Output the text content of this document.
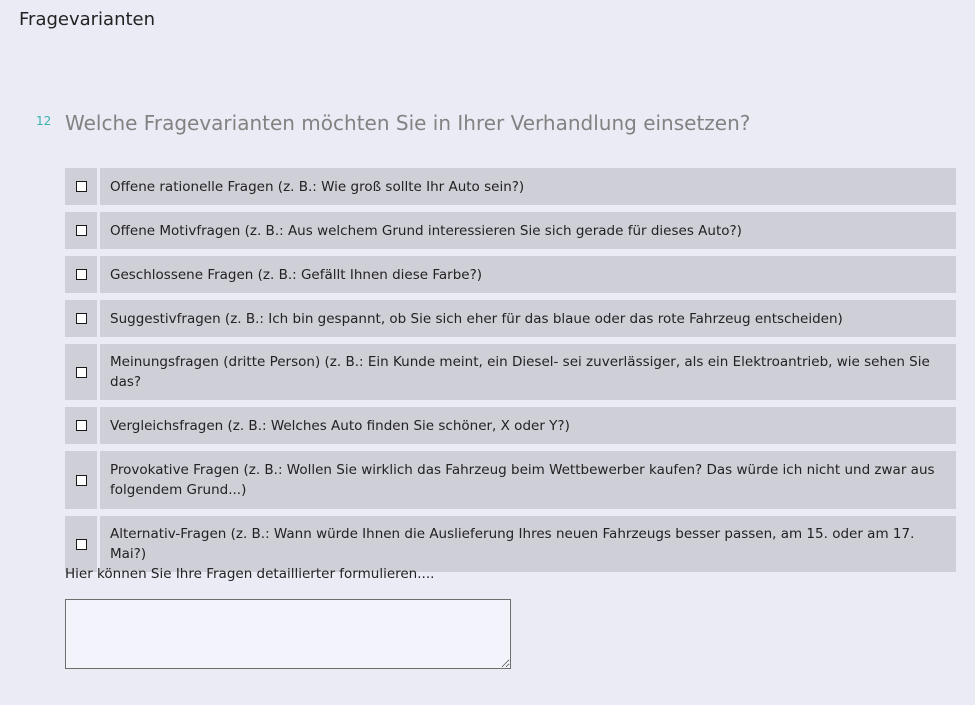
Fragevarianten
12 Welche Fragevarianten möchten Sie in Ihrer Verhandlung einsetzen?
Offene rationelle Fragen (z. B.: Wie groß sollte Ihr Auto sein?)
Offene Motivfragen (z. B.: Aus welchem Grund interessieren Sie sich gerade für dieses Auto?)
Geschlossene Fragen (z. B.: Gefällt Ihnen diese Farbe?)
Suggestivfragen (z. B.: Ich bin gespannt, ob Sie sich eher für das blaue oder das rote Fahrzeug entscheiden)
Meinungsfragen (dritte Person) (z. B.: Ein Kunde meint, ein Diesel- sei zuverlässiger, als ein Elektroantrieb, wie sehen Sie das?
Vergleichsfragen (z. B.: Welches Auto finden Sie schöner, X oder Y?)
Provokative Fragen (z. B.: Wollen Sie wirklich das Fahrzeug beim Wettbewerber kaufen? Das würde ich nicht und zwar aus folgendem Grund...)
Alternativ-Fragen (z. B.: Wann würde Ihnen die Auslieferung Ihres neuen Fahrzeugs besser passen, am 15. oder am 17. Mai?)
Hier können Sie Ihre Fragen detaillierter formulieren....
